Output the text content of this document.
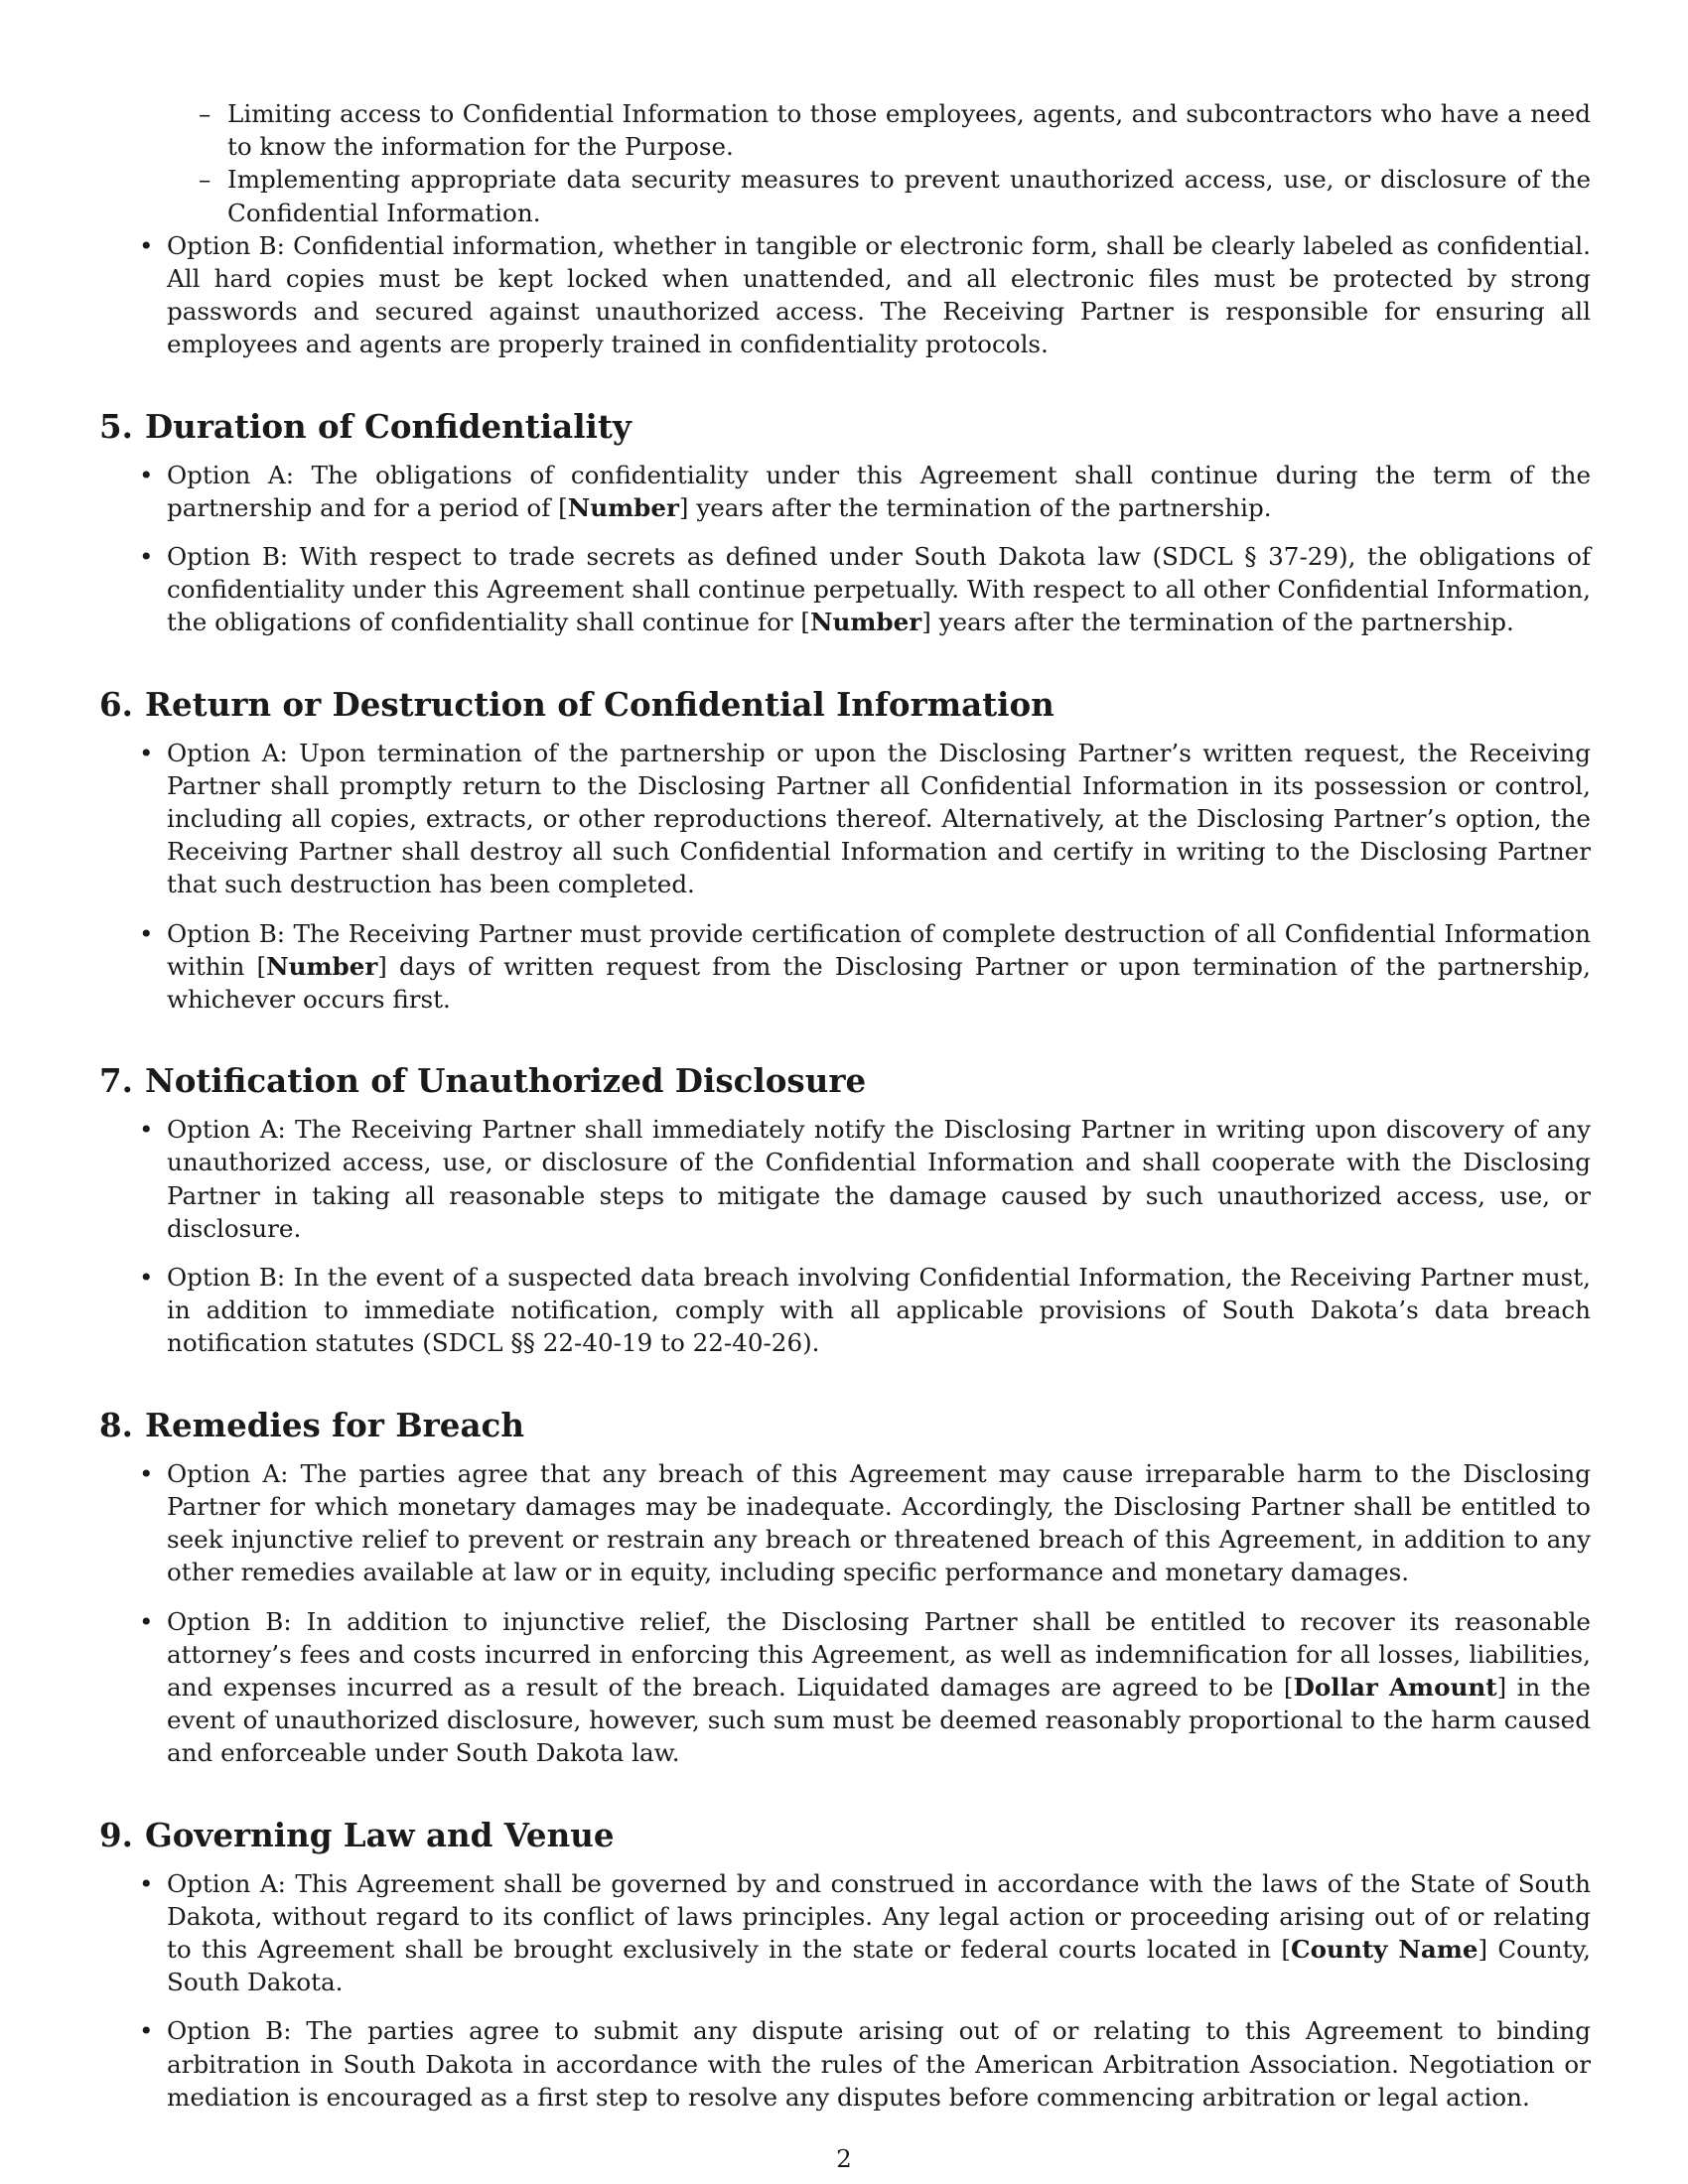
– Limiting access to Confidential Information to those employees, agents, and subcontractors who have a need to know the information for the Purpose.
– Implementing appropriate data security measures to prevent unauthorized access, use, or disclosure of the Confidential Information.
• Option B: Confidential information, whether in tangible or electronic form, shall be clearly labeled as confidential. All hard copies must be kept locked when unattended, and all electronic files must be protected by strong passwords and secured against unauthorized access. The Receiving Partner is responsible for ensuring all employees and agents are properly trained in confidentiality protocols.
5. Duration of Confidentiality
• Option A: The obligations of confidentiality under this Agreement shall continue during the term of the partnership and for a period of [Number] years after the termination of the partnership.
• Option B: With respect to trade secrets as defined under South Dakota law (SDCL § 37-29), the obligations of confidentiality under this Agreement shall continue perpetually. With respect to all other Confidential Information, the obligations of confidentiality shall continue for [Number] years after the termination of the partnership.
6. Return or Destruction of Confidential Information
• Option A: Upon termination of the partnership or upon the Disclosing Partner’s written request, the Receiving Partner shall promptly return to the Disclosing Partner all Confidential Information in its possession or control, including all copies, extracts, or other reproductions thereof. Alternatively, at the Disclosing Partner’s option, the Receiving Partner shall destroy all such Confidential Information and certify in writing to the Disclosing Partner that such destruction has been completed.
• Option B: The Receiving Partner must provide certification of complete destruction of all Confidential Information within [Number] days of written request from the Disclosing Partner or upon termination of the partnership, whichever occurs first.
7. Notification of Unauthorized Disclosure
• Option A: The Receiving Partner shall immediately notify the Disclosing Partner in writing upon discovery of any unauthorized access, use, or disclosure of the Confidential Information and shall cooperate with the Disclosing Partner in taking all reasonable steps to mitigate the damage caused by such unauthorized access, use, or disclosure.
• Option B: In the event of a suspected data breach involving Confidential Information, the Receiving Partner must, in addition to immediate notification, comply with all applicable provisions of South Dakota’s data breach notification statutes (SDCL §§ 22-40-19 to 22-40-26).
8. Remedies for Breach
• Option A: The parties agree that any breach of this Agreement may cause irreparable harm to the Disclosing Partner for which monetary damages may be inadequate. Accordingly, the Disclosing Partner shall be entitled to seek injunctive relief to prevent or restrain any breach or threatened breach of this Agreement, in addition to any other remedies available at law or in equity, including specific performance and monetary damages.
• Option B: In addition to injunctive relief, the Disclosing Partner shall be entitled to recover its reasonable attorney’s fees and costs incurred in enforcing this Agreement, as well as indemnification for all losses, liabilities, and expenses incurred as a result of the breach. Liquidated damages are agreed to be [Dollar Amount] in the event of unauthorized disclosure, however, such sum must be deemed reasonably proportional to the harm caused and enforceable under South Dakota law.
9. Governing Law and Venue
• Option A: This Agreement shall be governed by and construed in accordance with the laws of the State of South Dakota, without regard to its conflict of laws principles. Any legal action or proceeding arising out of or relating to this Agreement shall be brought exclusively in the state or federal courts located in [County Name] County, South Dakota.
• Option B: The parties agree to submit any dispute arising out of or relating to this Agreement to binding arbitration in South Dakota in accordance with the rules of the American Arbitration Association. Negotiation or mediation is encouraged as a first step to resolve any disputes before commencing arbitration or legal action.
2
